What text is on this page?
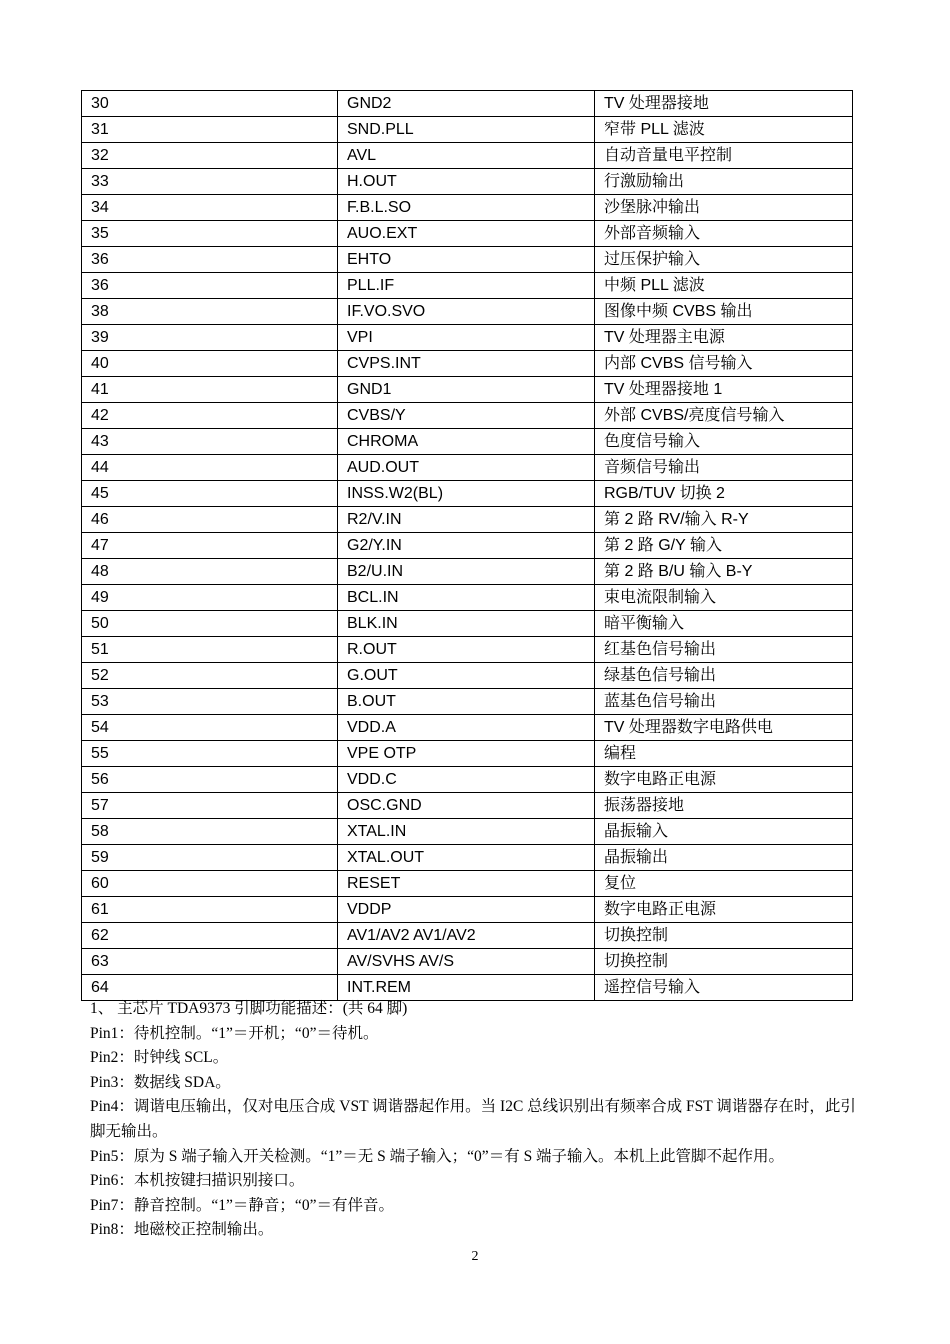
30	GND2	TV 处理器接地
31	SND.PLL	窄带 PLL 滤波
32	AVL	自动音量电平控制
33	H.OUT	行激励输出
34	F.B.L.SO	沙堡脉冲输出
35	AUO.EXT	外部音频输入
36	EHTO	过压保护输入
36	PLL.IF	中频 PLL 滤波
38	IF.VO.SVO	图像中频 CVBS 输出
39	VPI	TV 处理器主电源
40	CVPS.INT	内部 CVBS 信号输入
41	GND1	TV 处理器接地 1
42	CVBS/Y	外部 CVBS/亮度信号输入
43	CHROMA	色度信号输入
44	AUD.OUT	音频信号输出
45	INSS.W2(BL)	RGB/TUV 切换 2
46	R2/V.IN	第 2 路 RV/输入 R-Y
47	G2/Y.IN	第 2 路 G/Y 输入
48	B2/U.IN	第 2 路 B/U 输入 B-Y
49	BCL.IN	束电流限制输入
50	BLK.IN	暗平衡输入
51	R.OUT	红基色信号输出
52	G.OUT	绿基色信号输出
53	B.OUT	蓝基色信号输出
54	VDD.A	TV 处理器数字电路供电
55	VPE OTP	编程
56	VDD.C	数字电路正电源
57	OSC.GND	振荡器接地
58	XTAL.IN	晶振输入
59	XTAL.OUT	晶振输出
60	RESET	复位
61	VDDP	数字电路正电源
62	AV1/AV2 AV1/AV2	切换控制
63	AV/SVHS AV/S	切换控制
64	INT.REM	遥控信号输入

1、 主芯片 TDA9373 引脚功能描述：(共 64 脚)

Pin1：待机控制。“1”＝开机；“0”＝待机。

Pin2：时钟线 SCL。

Pin3：数据线 SDA。

Pin4：调谐电压输出，仅对电压合成 VST 调谐器起作用。当 I2C 总线识别出有频率合成 FST 调谐器存在时，此引脚无输出。

Pin5：原为 S 端子输入开关检测。“1”＝无 S 端子输入；“0”＝有 S 端子输入。本机上此管脚不起作用。

Pin6：本机按键扫描识别接口。

Pin7：静音控制。“1”＝静音；“0”＝有伴音。

Pin8：地磁校正控制输出。

2
